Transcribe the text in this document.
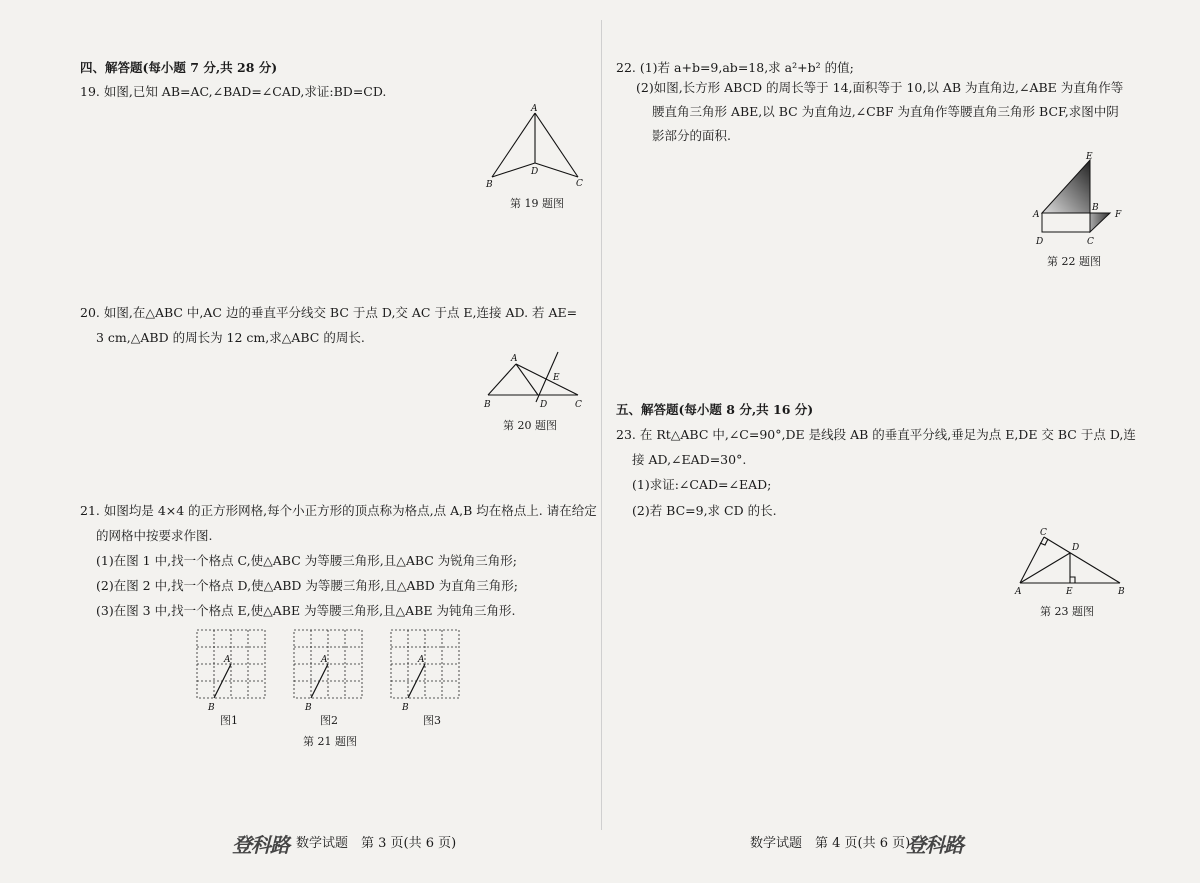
四、解答题(每小题 7 分,共 28 分)
19. 如图,已知 AB=AC,∠BAD=∠CAD,求证:BD=CD.
A
B	C
D
第 19 题图
20. 如图,在△ABC 中,AC 边的垂直平分线交 BC 于点 D,交 AC 于点 E,连接 AD. 若 AE=
3 cm,△ABD 的周长为 12 cm,求△ABC 的周长.
A
B	C
D
E
第 20 题图
21. 如图均是 4×4 的正方形网格,每个小正方形的顶点称为格点,点 A,B 均在格点上. 请在给定
的网格中按要求作图.
(1)在图 1 中,找一个格点 C,使△ABC 为等腰三角形,且△ABC 为锐角三角形;
(2)在图 2 中,找一个格点 D,使△ABD 为等腰三角形,且△ABD 为直角三角形;
(3)在图 3 中,找一个格点 E,使△ABE 为等腰三角形,且△ABE 为钝角三角形.
A
B
A
B
A
B
图1	图2	图3
第 21 题图
登科路 数学试题　第 3 页(共 6 页)
22. (1)若 a+b=9,ab=18,求 a²+b² 的值;
(2)如图,长方形 ABCD 的周长等于 14,面积等于 10,以 AB 为直角边,∠ABE 为直角作等
腰直角三角形 ABE,以 BC 为直角边,∠CBF 为直角作等腰直角三角形 BCF,求图中阴
影部分的面积.
E
A
B
F
D	C
第 22 题图
五、解答题(每小题 8 分,共 16 分)
23. 在 Rt△ABC 中,∠C=90°,DE 是线段 AB 的垂直平分线,垂足为点 E,DE 交 BC 于点 D,连
接 AD,∠EAD=30°.
(1)求证:∠CAD=∠EAD;
(2)若 BC=9,求 CD 的长.
C
D
A	E	B
第 23 题图
数学试题　第 4 页(共 6 页)
登科路
